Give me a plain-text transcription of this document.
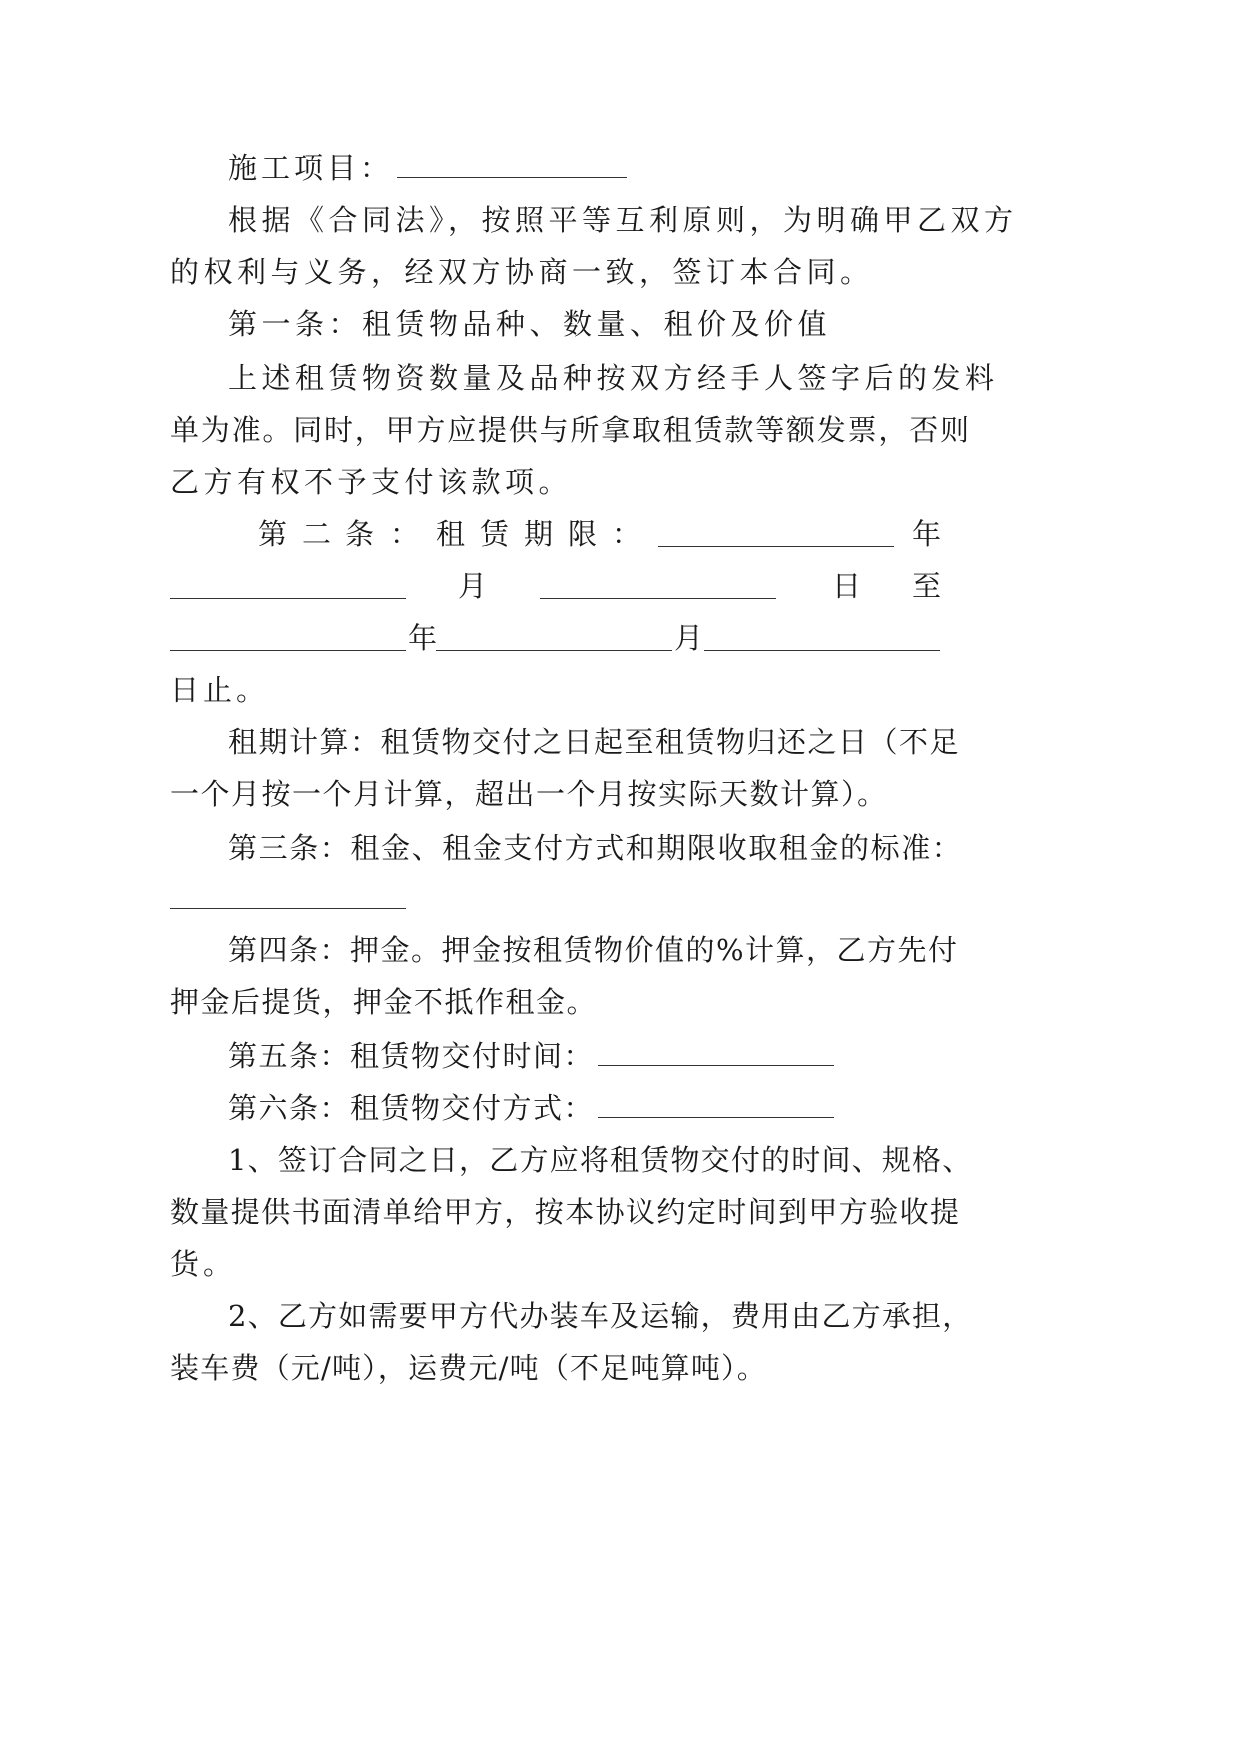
施工项目：
根据《合同法》，按照平等互利原则，为明确甲乙双方
的权利与义务，经双方协商一致，签订本合同。
第一条：租赁物品种、数量、租价及价值
上述租赁物资数量及品种按双方经手人签字后的发料
单为准。同时，甲方应提供与所拿取租赁款等额发票，否则
乙方有权不予支付该款项。
第 二 条 ： 租 赁 期 限 ：	年
月	日 至
年	月
日止。
租期计算：租赁物交付之日起至租赁物归还之日（不足
一个月按一个月计算，超出一个月按实际天数计算）。
第三条：租金、租金支付方式和期限收取租金的标准：
第四条：押金。押金按租赁物价值的%计算，乙方先付
押金后提货，押金不抵作租金。
第五条：租赁物交付时间：
第六条：租赁物交付方式：
1、签订合同之日，乙方应将租赁物交付的时间、规格、
数量提供书面清单给甲方，按本协议约定时间到甲方验收提
货。
2、乙方如需要甲方代办装车及运输，费用由乙方承担，
装车费（元/吨），运费元/吨（不足吨算吨）。
